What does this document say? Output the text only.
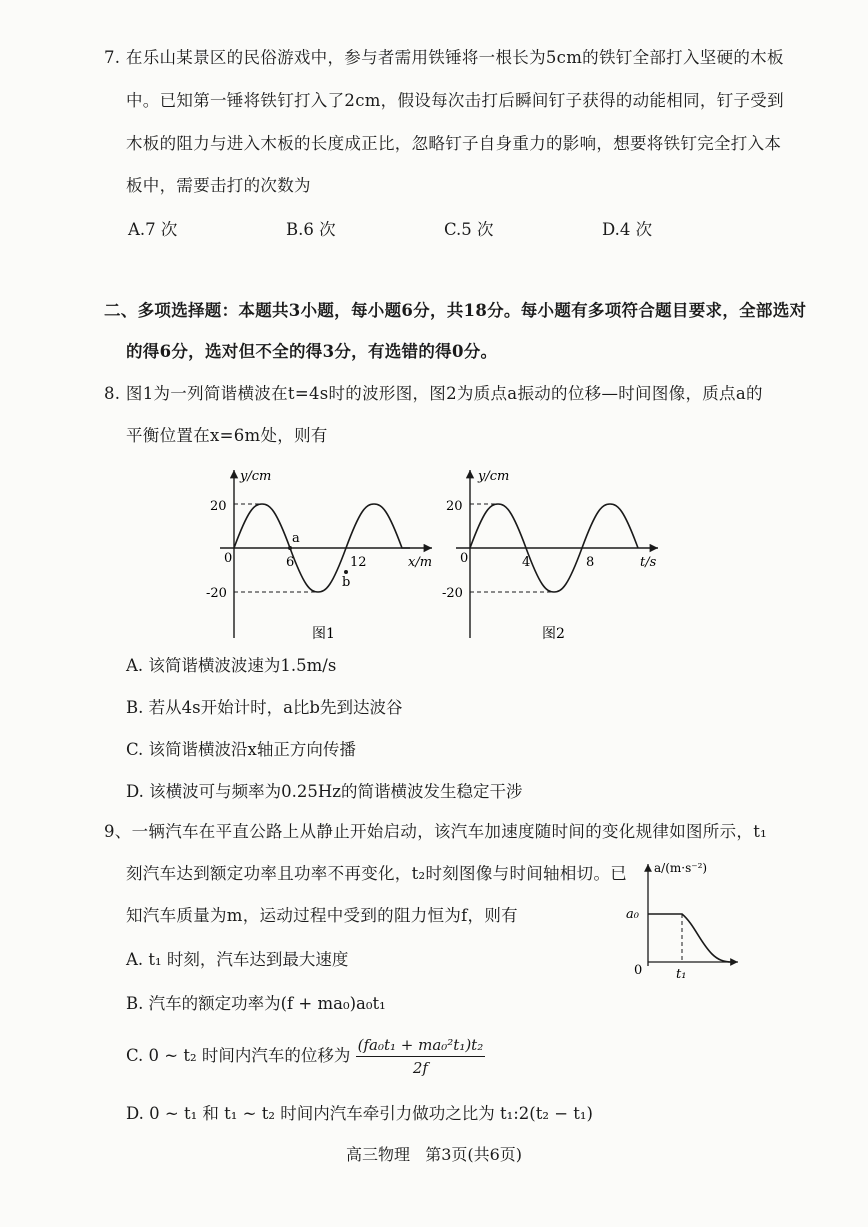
7. 在乐山某景区的民俗游戏中，参与者需用铁锤将一根长为5cm的铁钉全部打入坚硬的木板
中。已知第一锤将铁钉打入了2cm，假设每次击打后瞬间钉子获得的动能相同，钉子受到
木板的阻力与进入木板的长度成正比，忽略钉子自身重力的影响，想要将铁钉完全打入本
板中，需要击打的次数为
A.7 次	B.6 次	C.5 次	D.4 次
二、多项选择题：本题共3小题，每小题6分，共18分。每小题有多项符合题目要求，全部选对
的得6分，选对但不全的得3分，有选错的得0分。
8. 图1为一列简谐横波在t=4s时的波形图，图2为质点a振动的位移—时间图像，质点a的
平衡位置在x=6m处，则有
y/cm
20
-20
0	6	12
a
b
x/m
图1
y/cm
20
-20
0	4	8	t/s
图2
A. 该简谐横波波速为1.5m/s
B. 若从4s开始计时，a比b先到达波谷
C. 该简谐横波沿x轴正方向传播
D. 该横波可与频率为0.25Hz的简谐横波发生稳定干涉
9、一辆汽车在平直公路上从静止开始启动，该汽车加速度随时间的变化规律如图所示，t₁
刻汽车达到额定功率且功率不再变化，t₂时刻图像与时间轴相切。已
知汽车质量为m，运动过程中受到的阻力恒为f，则有
a/(m·s⁻²)
a₀
0	t₁
A. t₁ 时刻，汽车达到最大速度
B. 汽车的额定功率为(f + ma₀)a₀t₁
C. 0 ~ t₂ 时间内汽车的位移为 $\frac{\text{(fa₀t₁ + ma₀²t₁)t₂}}{2f}$
D. 0 ~ t₁ 和 t₁ ~ t₂ 时间内汽车牵引力做功之比为 t₁:2(t₂ − t₁)
高三物理   第3页(共6页)
